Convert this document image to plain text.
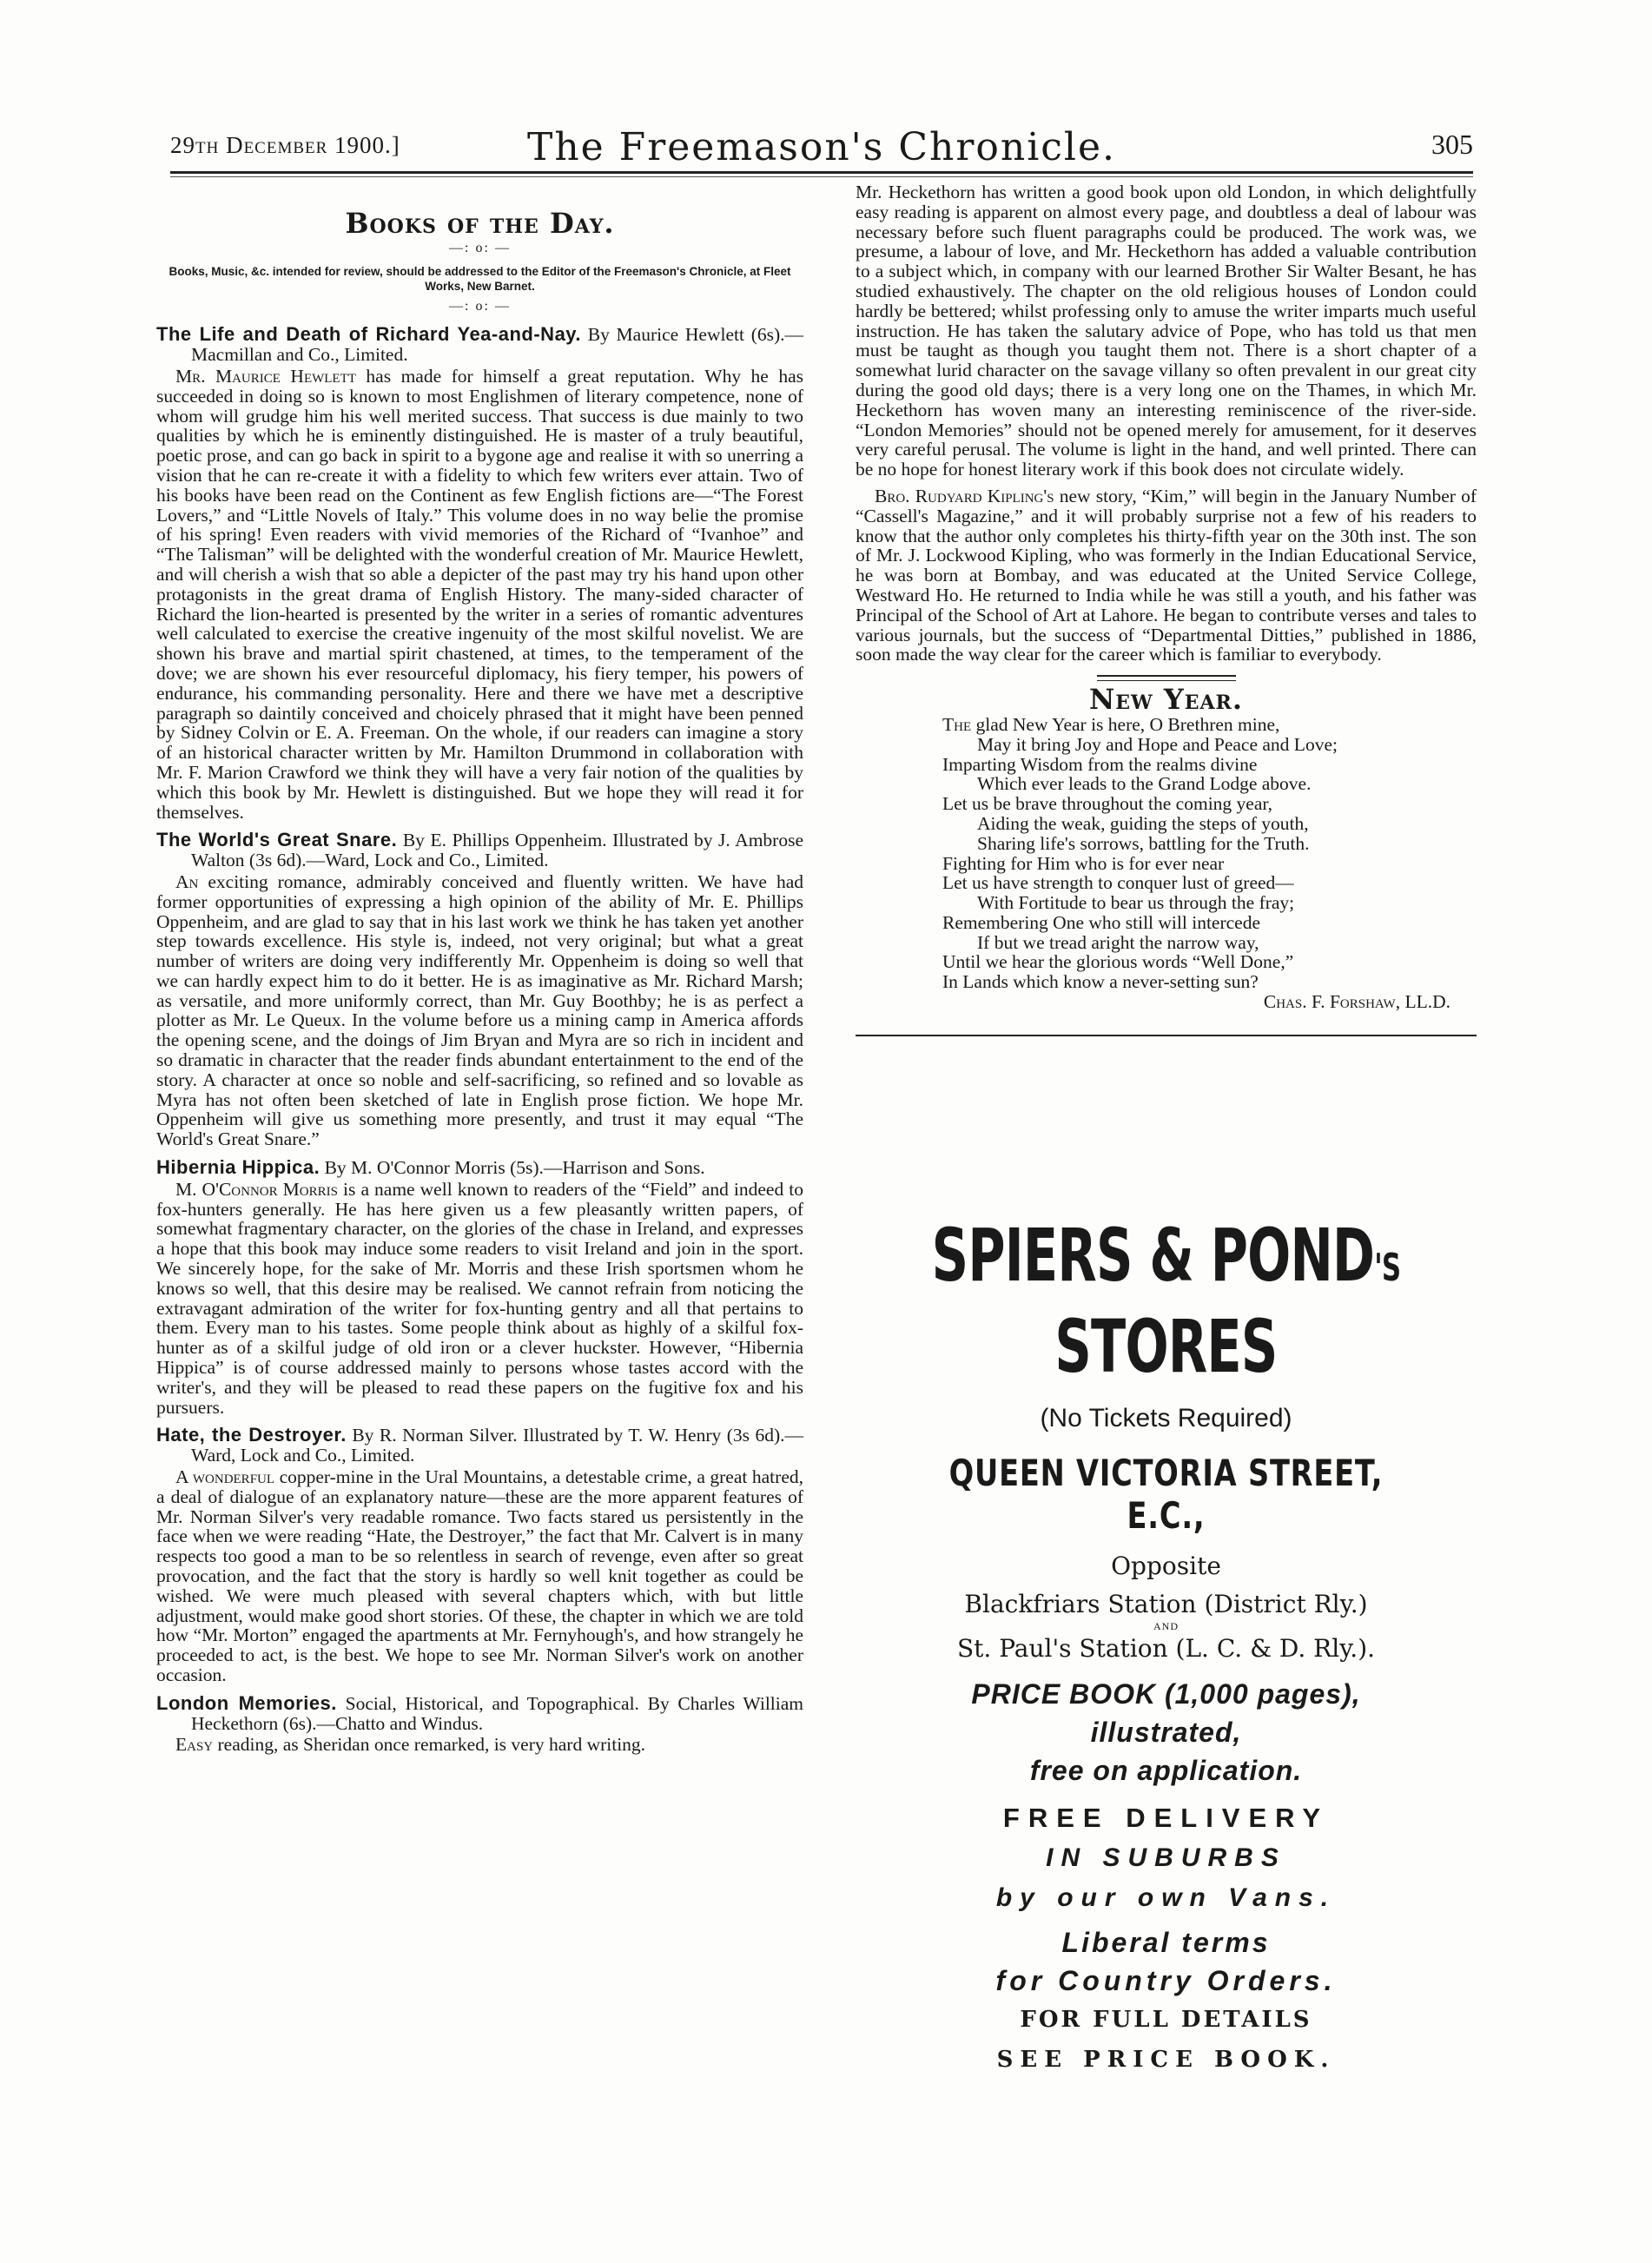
29th December 1900.]	The Freemason's Chronicle.	305
Books of the Day.
—: o: —
Books, Music, &c. intended for review, should be addressed to the Editor of the Freemason's Chronicle, at Fleet Works, New Barnet.
—: o: —
The Life and Death of Richard Yea-and-Nay. By Maurice Hewlett (6s).—Macmillan and Co., Limited.

Mr. Maurice Hewlett has made for himself a great reputation. Why he has succeeded in doing so is known to most Englishmen of literary competence, none of whom will grudge him his well merited success. That success is due mainly to two qualities by which he is eminently distinguished. He is master of a truly beautiful, poetic prose, and can go back in spirit to a bygone age and realise it with so unerring a vision that he can re-create it with a fidelity to which few writers ever attain. Two of his books have been read on the Continent as few English fictions are—“The Forest Lovers,” and “Little Novels of Italy.” This volume does in no way belie the promise of his spring! Even readers with vivid memories of the Richard of “Ivanhoe” and “The Talisman” will be delighted with the wonderful creation of Mr. Maurice Hewlett, and will cherish a wish that so able a depicter of the past may try his hand upon other protagonists in the great drama of English History. The many-sided character of Richard the lion-hearted is presented by the writer in a series of romantic adventures well calculated to exercise the creative ingenuity of the most skilful novelist. We are shown his brave and martial spirit chastened, at times, to the temperament of the dove; we are shown his ever resourceful diplomacy, his fiery temper, his powers of endurance, his commanding personality. Here and there we have met a descriptive paragraph so daintily conceived and choicely phrased that it might have been penned by Sidney Colvin or E. A. Freeman. On the whole, if our readers can imagine a story of an historical character written by Mr. Hamilton Drummond in collaboration with Mr. F. Marion Crawford we think they will have a very fair notion of the qualities by which this book by Mr. Hewlett is distinguished. But we hope they will read it for themselves.

The World's Great Snare. By E. Phillips Oppenheim. Illustrated by J. Ambrose Walton (3s 6d).—Ward, Lock and Co., Limited.

An exciting romance, admirably conceived and fluently written. We have had former opportunities of expressing a high opinion of the ability of Mr. E. Phillips Oppenheim, and are glad to say that in his last work we think he has taken yet another step towards excellence. His style is, indeed, not very original; but what a great number of writers are doing very indifferently Mr. Oppenheim is doing so well that we can hardly expect him to do it better. He is as imaginative as Mr. Richard Marsh; as versatile, and more uniformly correct, than Mr. Guy Boothby; he is as perfect a plotter as Mr. Le Queux. In the volume before us a mining camp in America affords the opening scene, and the doings of Jim Bryan and Myra are so rich in incident and so dramatic in character that the reader finds abundant entertainment to the end of the story. A character at once so noble and self-sacrificing, so refined and so lovable as Myra has not often been sketched of late in English prose fiction. We hope Mr. Oppenheim will give us something more presently, and trust it may equal “The World's Great Snare.”

Hibernia Hippica. By M. O'Connor Morris (5s).—Harrison and Sons.

M. O'Connor Morris is a name well known to readers of the “Field” and indeed to fox-hunters generally. He has here given us a few pleasantly written papers, of somewhat fragmentary character, on the glories of the chase in Ireland, and expresses a hope that this book may induce some readers to visit Ireland and join in the sport. We sincerely hope, for the sake of Mr. Morris and these Irish sportsmen whom he knows so well, that this desire may be realised. We cannot refrain from noticing the extravagant admiration of the writer for fox-hunting gentry and all that pertains to them. Every man to his tastes. Some people think about as highly of a skilful fox-hunter as of a skilful judge of old iron or a clever huckster. However, “Hibernia Hippica” is of course addressed mainly to persons whose tastes accord with the writer's, and they will be pleased to read these papers on the fugitive fox and his pursuers.

Hate, the Destroyer. By R. Norman Silver. Illustrated by T. W. Henry (3s 6d).—Ward, Lock and Co., Limited.

A wonderful copper-mine in the Ural Mountains, a detestable crime, a great hatred, a deal of dialogue of an explanatory nature—these are the more apparent features of Mr. Norman Silver's very readable romance. Two facts stared us persistently in the face when we were reading “Hate, the Destroyer,” the fact that Mr. Calvert is in many respects too good a man to be so relentless in search of revenge, even after so great provocation, and the fact that the story is hardly so well knit together as could be wished. We were much pleased with several chapters which, with but little adjustment, would make good short stories. Of these, the chapter in which we are told how “Mr. Morton” engaged the apartments at Mr. Fernyhough's, and how strangely he proceeded to act, is the best. We hope to see Mr. Norman Silver's work on another occasion.

London Memories. Social, Historical, and Topographical. By Charles William Heckethorn (6s).—Chatto and Windus.

Easy reading, as Sheridan once remarked, is very hard writing.

Mr. Heckethorn has written a good book upon old London, in which delightfully easy reading is apparent on almost every page, and doubtless a deal of labour was necessary before such fluent paragraphs could be produced. The work was, we presume, a labour of love, and Mr. Heckethorn has added a valuable contribution to a subject which, in company with our learned Brother Sir Walter Besant, he has studied exhaustively. The chapter on the old religious houses of London could hardly be bettered; whilst professing only to amuse the writer imparts much useful instruction. He has taken the salutary advice of Pope, who has told us that men must be taught as though you taught them not. There is a short chapter of a somewhat lurid character on the savage villany so often prevalent in our great city during the good old days; there is a very long one on the Thames, in which Mr. Heckethorn has woven many an interesting reminiscence of the river-side. “London Memories” should not be opened merely for amusement, for it deserves very careful perusal. The volume is light in the hand, and well printed. There can be no hope for honest literary work if this book does not circulate widely.

Bro. Rudyard Kipling's new story, “Kim,” will begin in the January Number of “Cassell's Magazine,” and it will probably surprise not a few of his readers to know that the author only completes his thirty-fifth year on the 30th inst. The son of Mr. J. Lockwood Kipling, who was formerly in the Indian Educational Service, he was born at Bombay, and was educated at the United Service College, Westward Ho. He returned to India while he was still a youth, and his father was Principal of the School of Art at Lahore. He began to contribute verses and tales to various journals, but the success of “Departmental Ditties,” published in 1886, soon made the way clear for the career which is familiar to everybody.

New Year.
The glad New Year is here, O Brethren mine,
May it bring Joy and Hope and Peace and Love;
Imparting Wisdom from the realms divine
Which ever leads to the Grand Lodge above.
Let us be brave throughout the coming year,
Aiding the weak, guiding the steps of youth,
Sharing life's sorrows, battling for the Truth.
Fighting for Him who is for ever near
Let us have strength to conquer lust of greed—
With Fortitude to bear us through the fray;
Remembering One who still will intercede
If but we tread aright the narrow way,
Until we hear the glorious words “Well Done,”
In Lands which know a never-setting sun?
Chas. F. Forshaw, LL.D.
SPIERS & POND'S
STORES
(No Tickets Required)
QUEEN VICTORIA STREET, E.C.,
Opposite
Blackfriars Station (District Rly.)
AND
St. Paul's Station (L. C. & D. Rly.).
PRICE BOOK (1,000 pages),
illustrated,
free on application.
FREE DELIVERY
IN SUBURBS
by our own Vans.
Liberal terms
for Country Orders.
FOR FULL DETAILS
SEE PRICE BOOK.
